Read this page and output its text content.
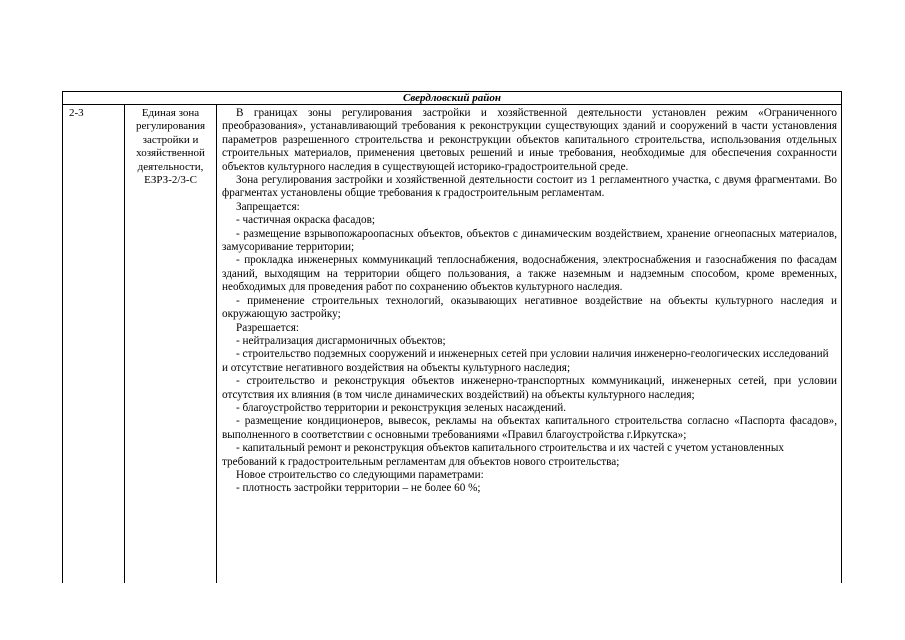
Свердловский район
2-3	Единая зона
регулирования
застройки и
хозяйственной
деятельности,
ЕЗРЗ-2/3-С

В границах зоны регулирования застройки и хозяйственной деятельности установлен режим «Ограниченного преобразования», устанавливающий требования к реконструкции существующих зданий и сооружений в части установления параметров разрешенного строительства и реконструкции объектов капитального строительства, использования отдельных строительных материалов, применения цветовых решений и иные требования, необходимые для обеспечения сохранности объектов культурного наследия в существующей историко-градостроительной среде.

Зона регулирования застройки и хозяйственной деятельности состоит из 1 регламентного участка, с двумя фрагментами. Во фрагментах установлены общие требования к градостроительным регламентам.

Запрещается:

- частичная окраска фасадов;

- размещение взрывопожароопасных объектов, объектов с динамическим воздействием, хранение огнеопасных материалов, замусоривание территории;

- прокладка инженерных коммуникаций теплоснабжения, водоснабжения, электроснабжения и газоснабжения по фасадам зданий, выходящим на территории общего пользования, а также наземным и надземным способом, кроме временных, необходимых для проведения работ по сохранению объектов культурного наследия.

- применение строительных технологий, оказывающих негативное воздействие на объекты культурного наследия и окружающую застройку;

Разрешается:

- нейтрализация дисгармоничных объектов;

- строительство подземных сооружений и инженерных сетей при условии наличия инженерно-геологических исследований и отсутствие негативного воздействия на объекты культурного наследия;

- строительство и реконструкция объектов инженерно-транспортных коммуникаций, инженерных сетей, при условии отсутствия их влияния (в том числе динамических воздействий) на объекты культурного наследия;

- благоустройство территории и реконструкция зеленых насаждений.

- размещение кондиционеров, вывесок, рекламы на объектах капитального строительства согласно «Паспорта фасадов», выполненного в соответствии с основными требованиями «Правил благоустройства г.Иркутска»;

- капитальный ремонт и реконструкция объектов капитального строительства и их частей с учетом установленных требований к градостроительным регламентам для объектов нового строительства;

Новое строительство со следующими параметрами:

- плотность застройки территории – не более 60 %;
